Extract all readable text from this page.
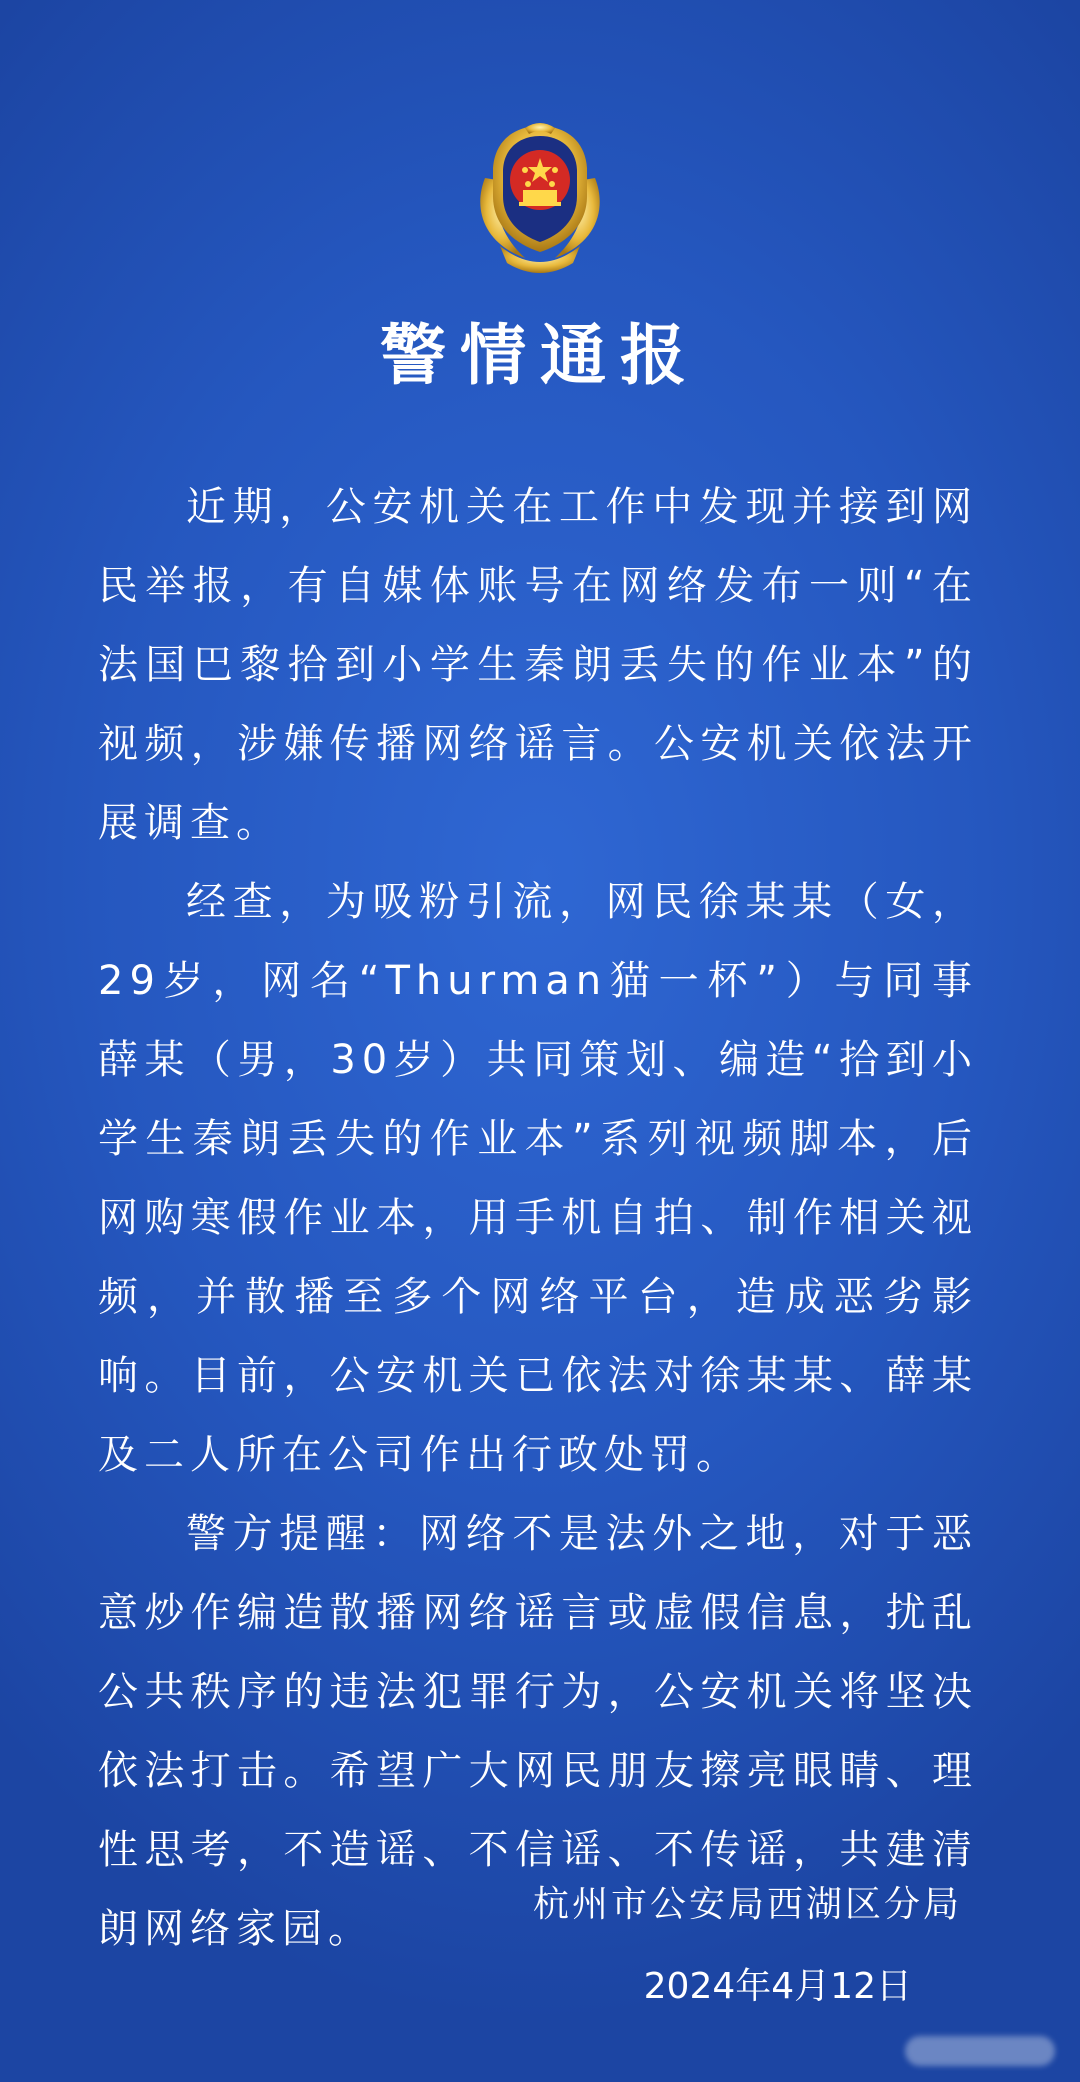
警情通报

近期，公安机关在工作中发现并接到网民举报，有自媒体账号在网络发布一则“在法国巴黎拾到小学生秦朗丢失的作业本”的视频，涉嫌传播网络谣言。公安机关依法开展调查。

经查，为吸粉引流，网民徐某某（女，29岁，网名“Thurman猫一杯”）与同事薛某（男，30岁）共同策划、编造“拾到小学生秦朗丢失的作业本”系列视频脚本，后网购寒假作业本，用手机自拍、制作相关视频，并散播至多个网络平台，造成恶劣影响。目前，公安机关已依法对徐某某、薛某及二人所在公司作出行政处罚。

警方提醒：网络不是法外之地，对于恶意炒作编造散播网络谣言或虚假信息，扰乱公共秩序的违法犯罪行为，公安机关将坚决依法打击。希望广大网民朋友擦亮眼睛、理性思考，不造谣、不信谣、不传谣，共建清朗网络家园。

杭州市公安局西湖区分局
2024年4月12日
